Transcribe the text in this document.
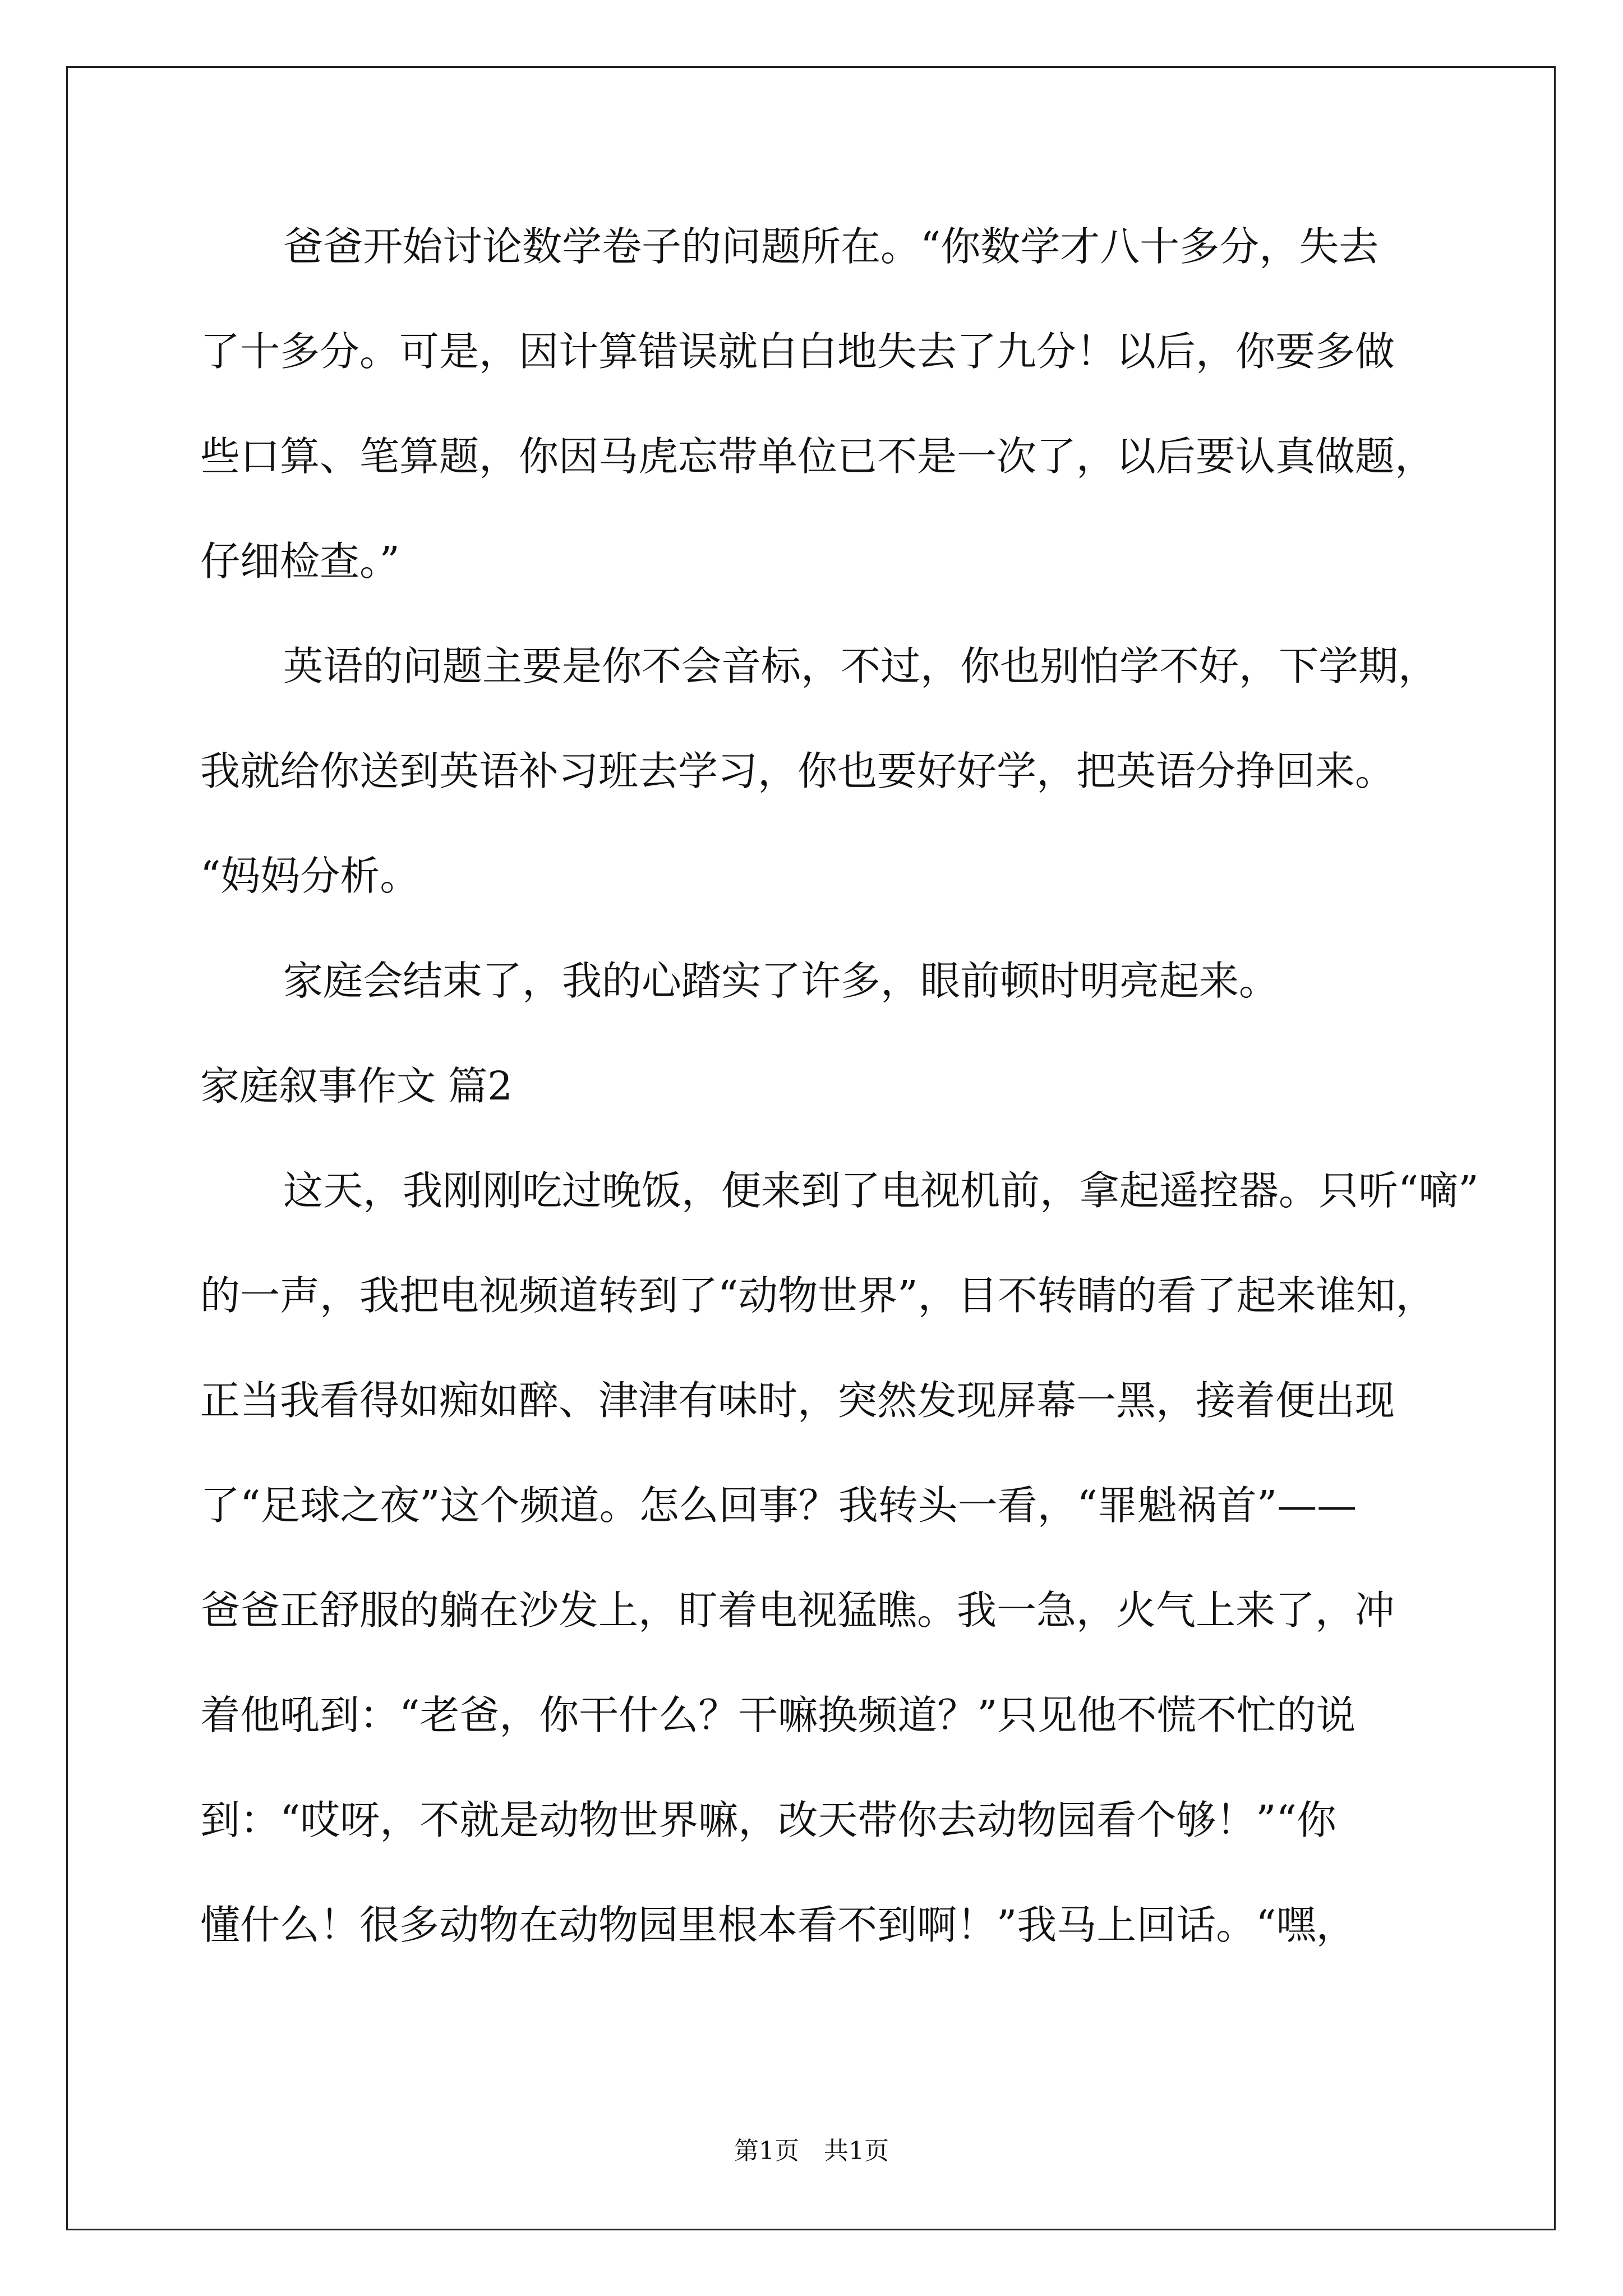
爸爸开始讨论数学卷子的问题所在。“你数学才八十多分，失去
了十多分。可是，因计算错误就白白地失去了九分！以后，你要多做
些口算、笔算题，你因马虎忘带单位已不是一次了，以后要认真做题，
仔细检查。”
英语的问题主要是你不会音标，不过，你也别怕学不好，下学期，
我就给你送到英语补习班去学习，你也要好好学，把英语分挣回来。
“妈妈分析。
家庭会结束了，我的心踏实了许多，眼前顿时明亮起来。
家庭叙事作文 篇2
这天，我刚刚吃过晚饭，便来到了电视机前，拿起遥控器。只听“嘀”
的一声，我把电视频道转到了“动物世界”，目不转睛的看了起来谁知，
正当我看得如痴如醉、津津有味时，突然发现屏幕一黑，接着便出现
了“足球之夜”这个频道。怎么回事？我转头一看，“罪魁祸首”——
爸爸正舒服的躺在沙发上，盯着电视猛瞧。我一急，火气上来了，冲
着他吼到：“老爸，你干什么？干嘛换频道？”只见他不慌不忙的说
到：“哎呀，不就是动物世界嘛，改天带你去动物园看个够！”“你
懂什么！很多动物在动物园里根本看不到啊！”我马上回话。“嘿，
第1页　共1页
